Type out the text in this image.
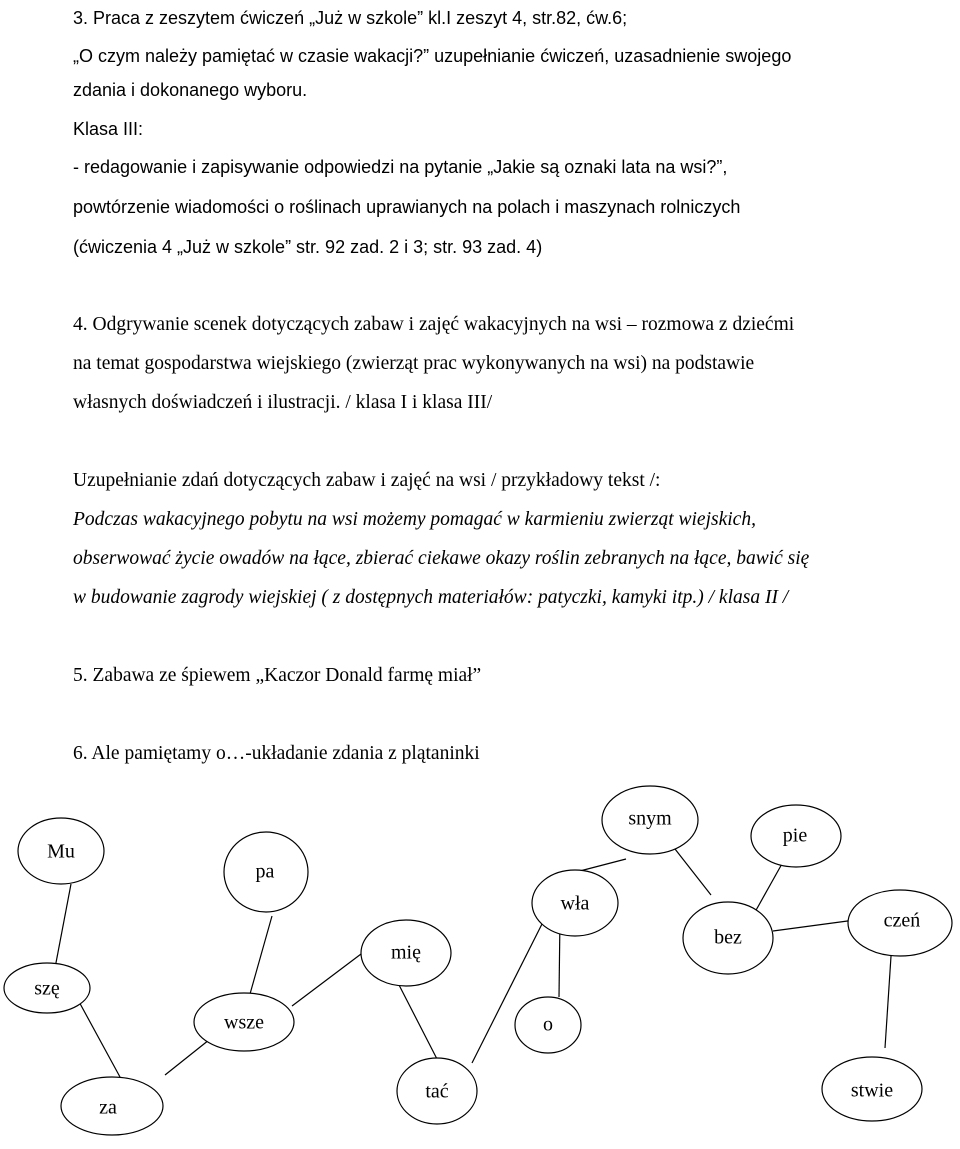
3. Praca z zeszytem ćwiczeń „Już w szkole” kl.I zeszyt 4, str.82, ćw.6;

„O czym należy pamiętać w czasie wakacji?” uzupełnianie ćwiczeń, uzasadnienie swojego

zdania i dokonanego wyboru.

Klasa III:

- redagowanie i zapisywanie odpowiedzi na pytanie „Jakie są oznaki lata na wsi?”,

powtórzenie wiadomości o roślinach uprawianych na polach i maszynach rolniczych

(ćwiczenia 4 „Już w szkole” str. 92 zad. 2 i 3; str. 93 zad. 4)

4. Odgrywanie scenek dotyczących zabaw i zajęć wakacyjnych na wsi – rozmowa z dziećmi

na temat gospodarstwa wiejskiego (zwierząt prac wykonywanych na wsi) na podstawie

własnych doświadczeń i ilustracji. / klasa I i klasa III/

Uzupełnianie zdań dotyczących zabaw i zajęć na wsi / przykładowy tekst /:

Podczas wakacyjnego pobytu na wsi możemy pomagać w karmieniu zwierząt wiejskich,

obserwować życie owadów na łące, zbierać ciekawe okazy roślin zebranych na łące, bawić się

w budowanie zagrody wiejskiej ( z dostępnych materiałów: patyczki, kamyki itp.) / klasa II /

5. Zabawa ze śpiewem „Kaczor Donald farmę miał”

6. Ale pamiętamy o…-układanie zdania z plątaninki

Mu
szę
za
pa
wsze
mię
tać
wła
o
snym
bez
pie
czeń
stwie
